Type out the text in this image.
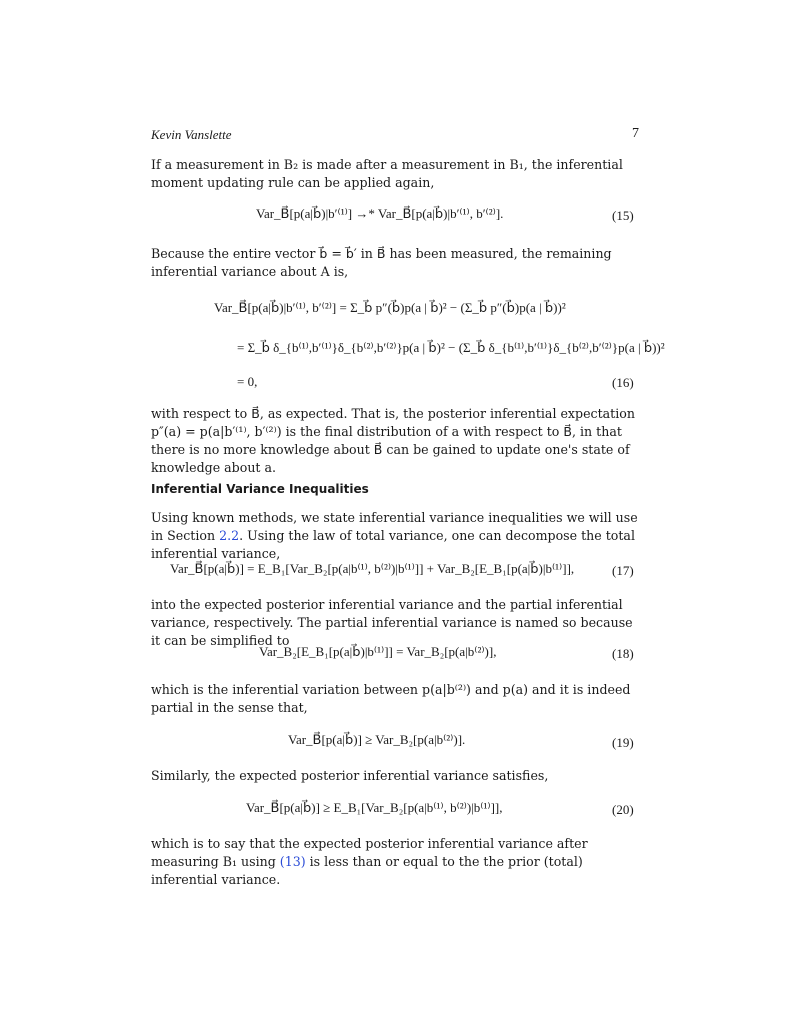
Kevin Vanslette	7

If a measurement in B₂ is made after a measurement in B₁, the inferential moment updating rule can be applied again,

Var_B⃗[p(a|b⃗)|b′⁽¹⁾] →* Var_B⃗[p(a|b⃗)|b′⁽¹⁾, b′⁽²⁾].	(15)

Because the entire vector b⃗ = b⃗′ in B⃗ has been measured, the remaining inferential variance about A is,

Var_B⃗[p(a|b⃗)|b′⁽¹⁾, b′⁽²⁾] = Σ_b⃗ p″(b⃗)p(a | b⃗)² − (Σ_b⃗ p″(b⃗)p(a | b⃗))²
= Σ_b⃗ δ_{b⁽¹⁾,b′⁽¹⁾}δ_{b⁽²⁾,b′⁽²⁾}p(a | b⃗)² − (Σ_b⃗ δ_{b⁽¹⁾,b′⁽¹⁾}δ_{b⁽²⁾,b′⁽²⁾}p(a | b⃗))²
= 0,	(16)

with respect to B⃗, as expected. That is, the posterior inferential expectation p″(a) = p(a|b′⁽¹⁾, b′⁽²⁾) is the final distribution of a with respect to B⃗, in that there is no more knowledge about B⃗ can be gained to update one's state of knowledge about a.

Inferential Variance Inequalities

Using known methods, we state inferential variance inequalities we will use in Section 2.2. Using the law of total variance, one can decompose the total inferential variance,

Var_B⃗[p(a|b⃗)] = E_B₁[Var_B₂[p(a|b⁽¹⁾, b⁽²⁾)|b⁽¹⁾]] + Var_B₂[E_B₁[p(a|b⃗)|b⁽¹⁾]],	(17)

into the expected posterior inferential variance and the partial inferential variance, respectively. The partial inferential variance is named so because it can be simplified to

Var_B₂[E_B₁[p(a|b⃗)|b⁽¹⁾]] = Var_B₂[p(a|b⁽²⁾)],	(18)

which is the inferential variation between p(a|b⁽²⁾) and p(a) and it is indeed partial in the sense that,

Var_B⃗[p(a|b⃗)] ≥ Var_B₂[p(a|b⁽²⁾)].	(19)

Similarly, the expected posterior inferential variance satisfies,

Var_B⃗[p(a|b⃗)] ≥ E_B₁[Var_B₂[p(a|b⁽¹⁾, b⁽²⁾)|b⁽¹⁾]],	(20)

which is to say that the expected posterior inferential variance after measuring B₁ using (13) is less than or equal to the the prior (total) inferential variance.
